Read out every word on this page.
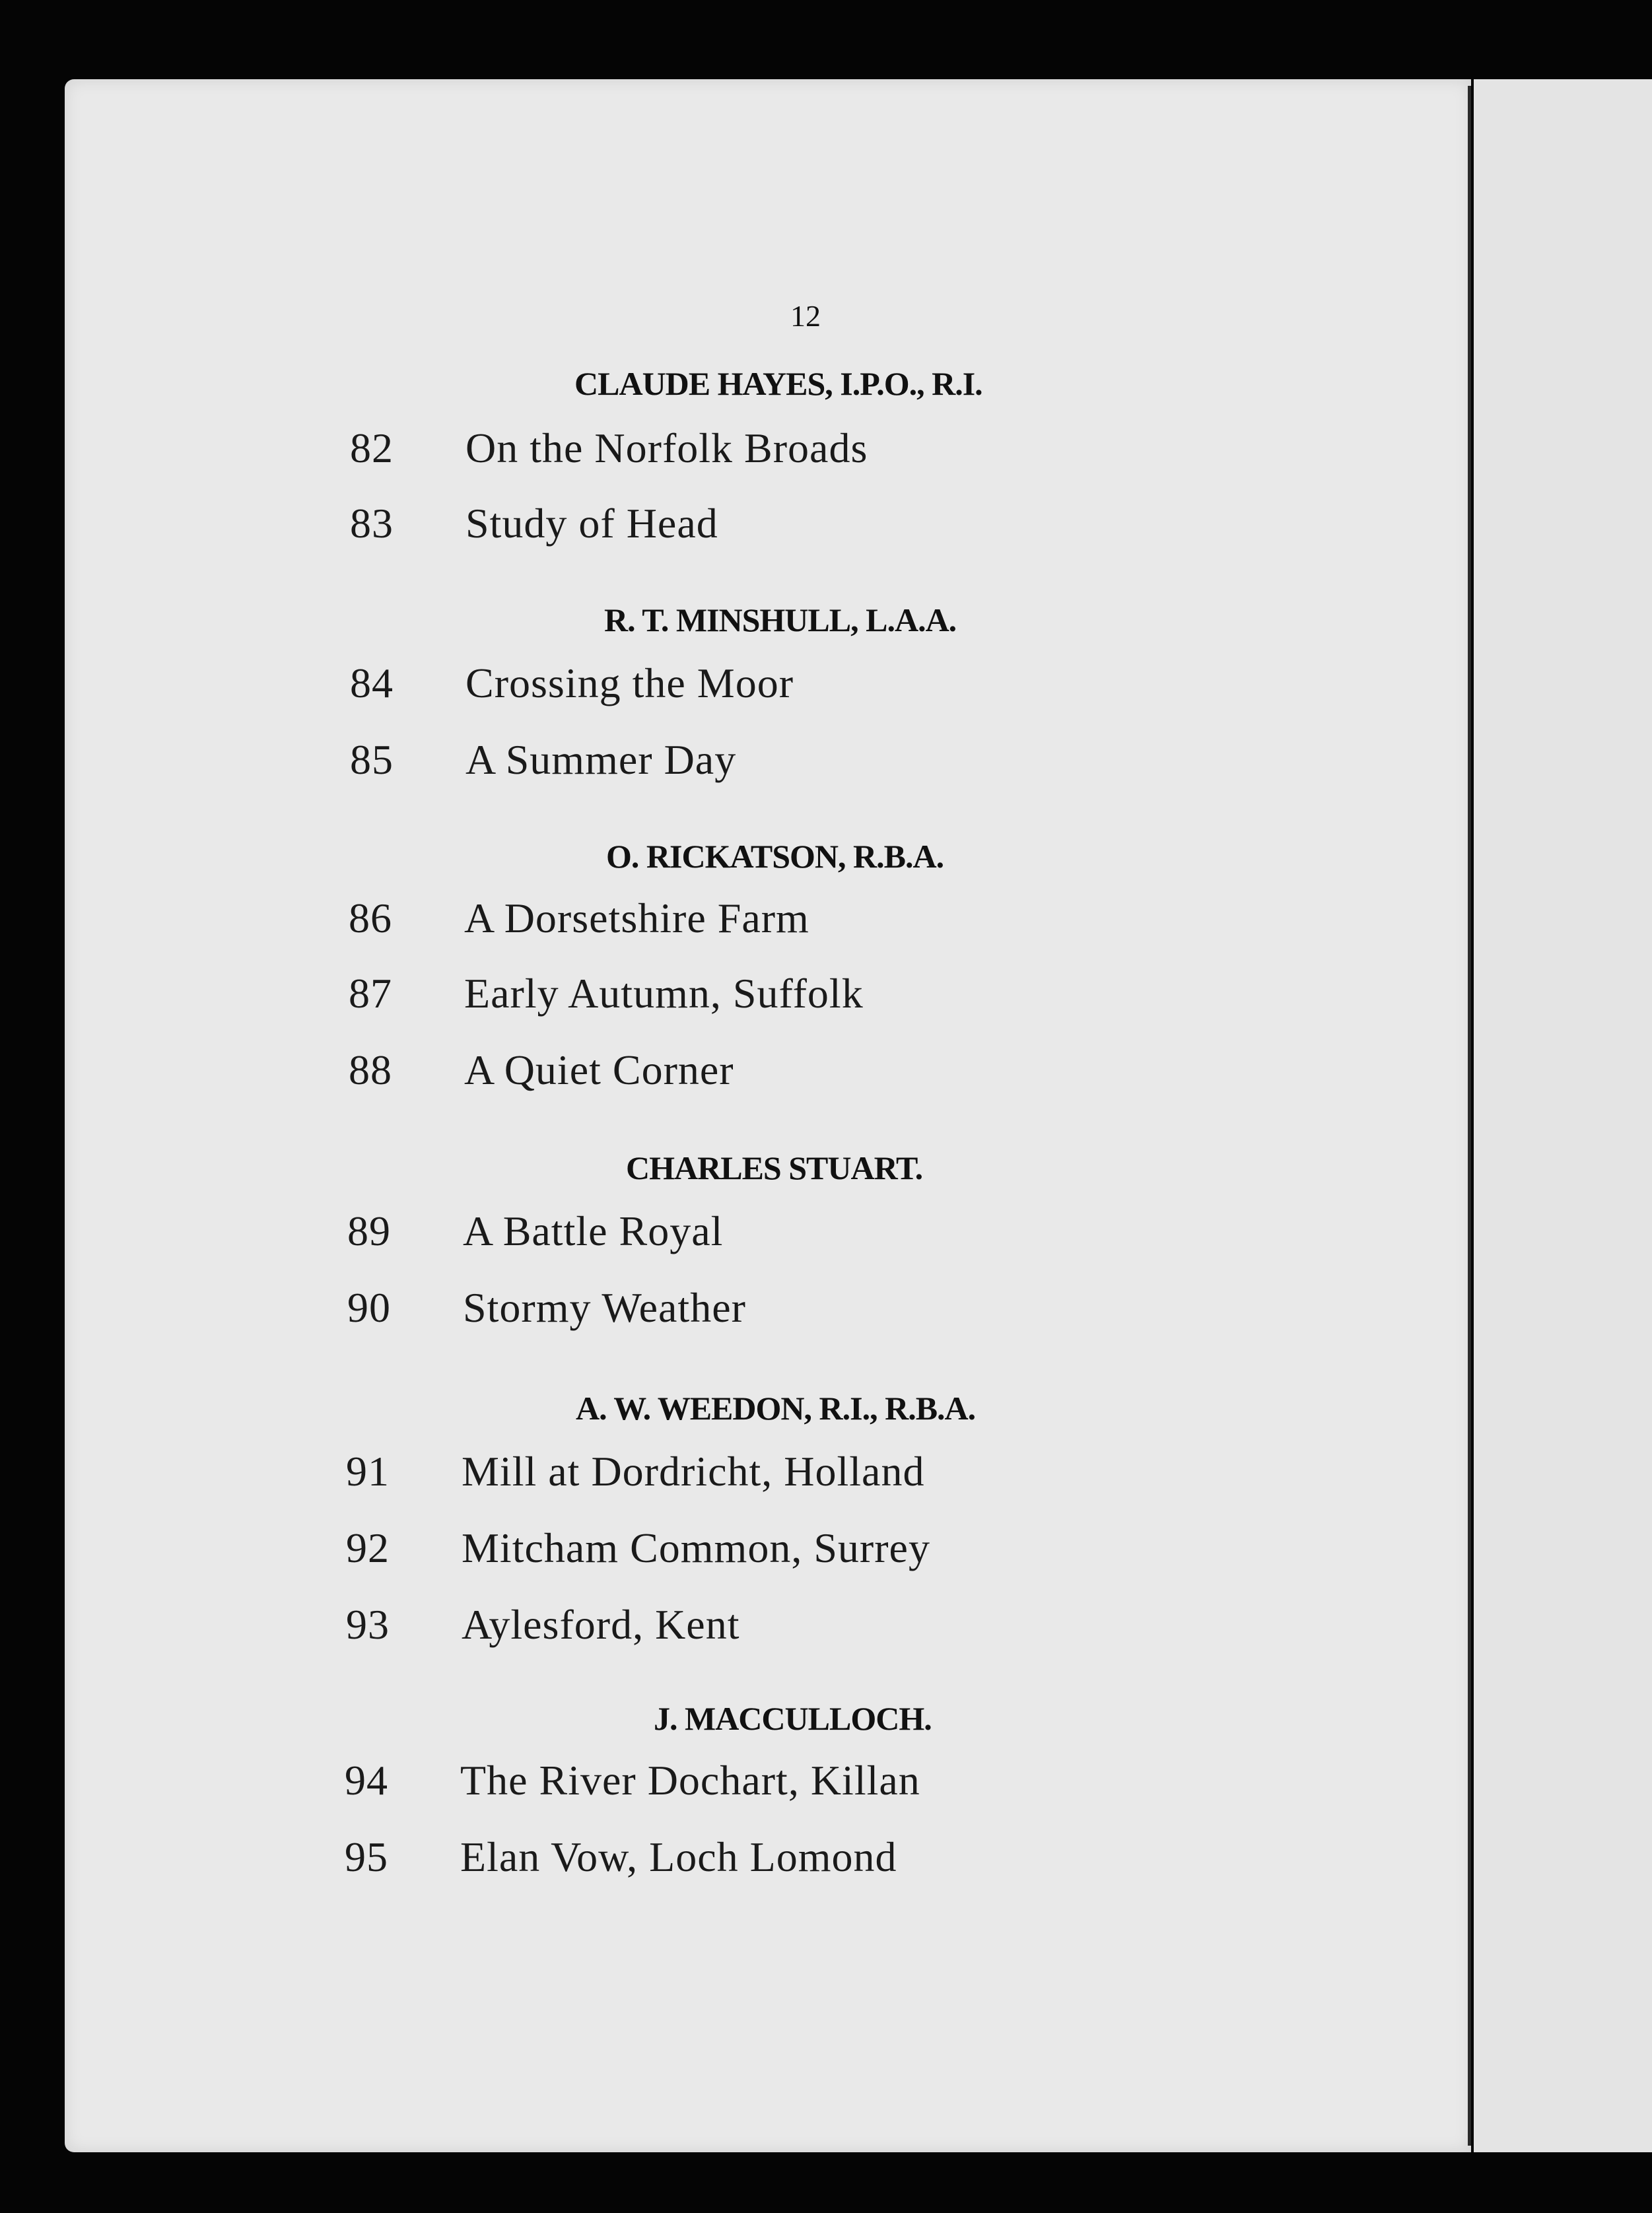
12
CLAUDE HAYES, I.P.O., R.I.
82 On the Norfolk Broads
83 Study of Head
R. T. MINSHULL, L.A.A.
84 Crossing the Moor
85 A Summer Day
O. RICKATSON, R.B.A.
86 A Dorsetshire Farm
87 Early Autumn, Suffolk
88 A Quiet Corner
CHARLES STUART.
89 A Battle Royal
90 Stormy Weather
A. W. WEEDON, R.I., R.B.A.
91 Mill at Dordricht, Holland
92 Mitcham Common, Surrey
93 Aylesford, Kent
J. MACCULLOCH.
94 The River Dochart, Killan
95 Elan Vow, Loch Lomond
